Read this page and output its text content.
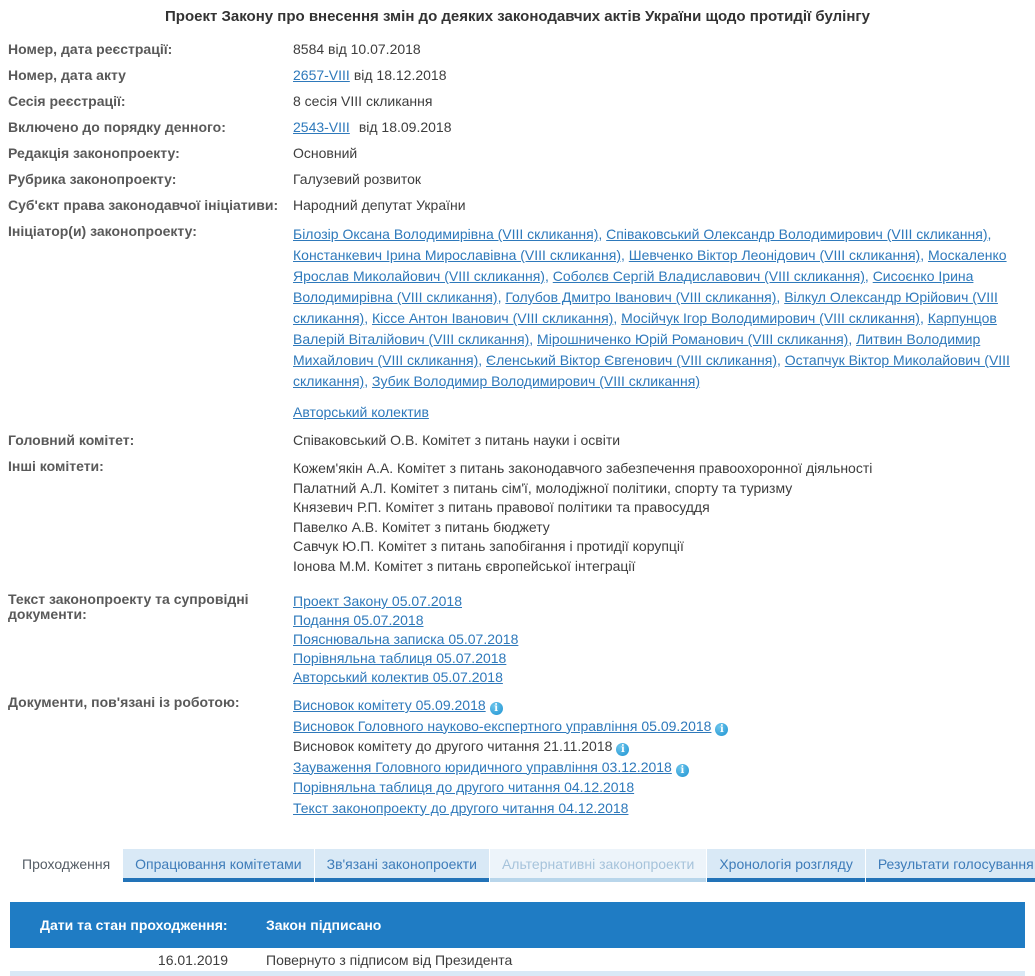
Проект Закону про внесення змін до деяких законодавчих актів України щодо протидії булінгу
Номер, дата реєстрації:	8584 від 10.07.2018
Номер, дата акту	2657-VIII від 18.12.2018
Сесія реєстрації:	8 сесія VIII скликання
Включено до порядку денного:	2543-VIII від 18.09.2018
Редакція законопроекту:	Основний
Рубрика законопроекту:	Галузевий розвиток
Суб'єкт права законодавчої ініціативи:	Народний депутат України
Ініціатор(и) законопроекту:	Білозір Оксана Володимирівна (VIII скликання) , Співаковський Олександр Володимирович (VIII скликання) , Констанкевич Ірина Мирославівна (VIII скликання) , Шевченко Віктор Леонідович (VIII скликання) , Москаленко Ярослав Миколайович (VIII скликання) , Соболєв Сергій Владиславович (VIII скликання) , Сисоєнко Ірина Володимирівна (VIII скликання) , Голубов Дмитро Іванович (VIII скликання) , Вілкул Олександр Юрійович (VIII скликання) , Кіссе Антон Іванович (VIII скликання) , Мосійчук Ігор Володимирович (VIII скликання) , Карпунцов Валерій Віталійович (VIII скликання) , Мірошниченко Юрій Романович (VIII скликання) , Литвин Володимир Михайлович (VIII скликання) , Єленський Віктор Євгенович (VIII скликання) , Остапчук Віктор Миколайович (VIII скликання) , Зубик Володимир Володимирович (VIII скликання)
Авторський колектив
Головний комітет:	Співаковський О.В. Комітет з питань науки і освіти
Інші комітети:	Кожем'якін А.А. Комітет з питань законодавчого забезпечення правоохоронної діяльності
Палатний А.Л. Комітет з питань сім'ї, молодіжної політики, спорту та туризму
Князевич Р.П. Комітет з питань правової політики та правосуддя
Павелко А.В. Комітет з питань бюджету
Савчук Ю.П. Комітет з питань запобігання і протидії корупції
Іонова М.М. Комітет з питань європейської інтеграції
Текст законопроекту та супровідні документи:
Проект Закону 05.07.2018
Подання 05.07.2018
Пояснювальна записка 05.07.2018
Порівняльна таблиця 05.07.2018
Авторський колектив 05.07.2018
Документи, пов'язані із роботою:	Висновок комітету 05.09.2018 i
Висновок Головного науково-експертного управління 05.09.2018 i
Висновок комітету до другого читання 21.11.2018 i
Зауваження Головного юридичного управління 03.12.2018 i
Порівняльна таблиця до другого читання 04.12.2018
Текст законопроекту до другого читання 04.12.2018
Проходження	Опрацювання комітетами	Зв'язані законопроекти	Альтернативні законопроекти	Хронологія розгляду	Результати голосування
Дати та стан проходження:	Закон підписано
16.01.2019	Повернуто з підписом від Президента
